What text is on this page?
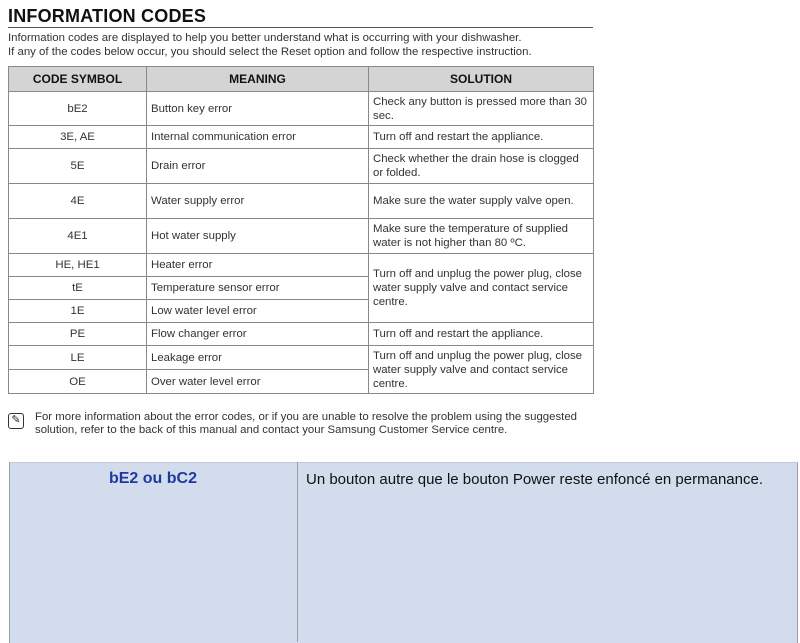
INFORMATION CODES
Information codes are displayed to help you better understand what is occurring with your dishwasher.
If any of the codes below occur, you should select the Reset option and follow the respective instruction.
CODE SYMBOL	MEANING	SOLUTION
bE2	Button key error	Check any button is pressed more than 30 sec.
3E, AE	Internal communication error	Turn off and restart the appliance.
5E	Drain error	Check whether the drain hose is clogged or folded.
4E	Water supply error	Make sure the water supply valve open.
4E1	Hot water supply	Make sure the temperature of supplied water is not higher than 80 ºC.
HE, HE1	Heater error	Turn off and unplug the power plug, close water supply valve and contact service centre.
tE	Temperature sensor error	
1E	Low water level error	
PE	Flow changer error	Turn off and restart the appliance.
LE	Leakage error	Turn off and unplug the power plug, close water supply valve and contact service centre.
OE	Over water level error	
✎ For more information about the error codes, or if you are unable to resolve the problem using the suggested solution, refer to the back of this manual and contact your Samsung Customer Service centre.
bE2 ou bC2	Un bouton autre que le bouton Power reste enfoncé en permanance.
